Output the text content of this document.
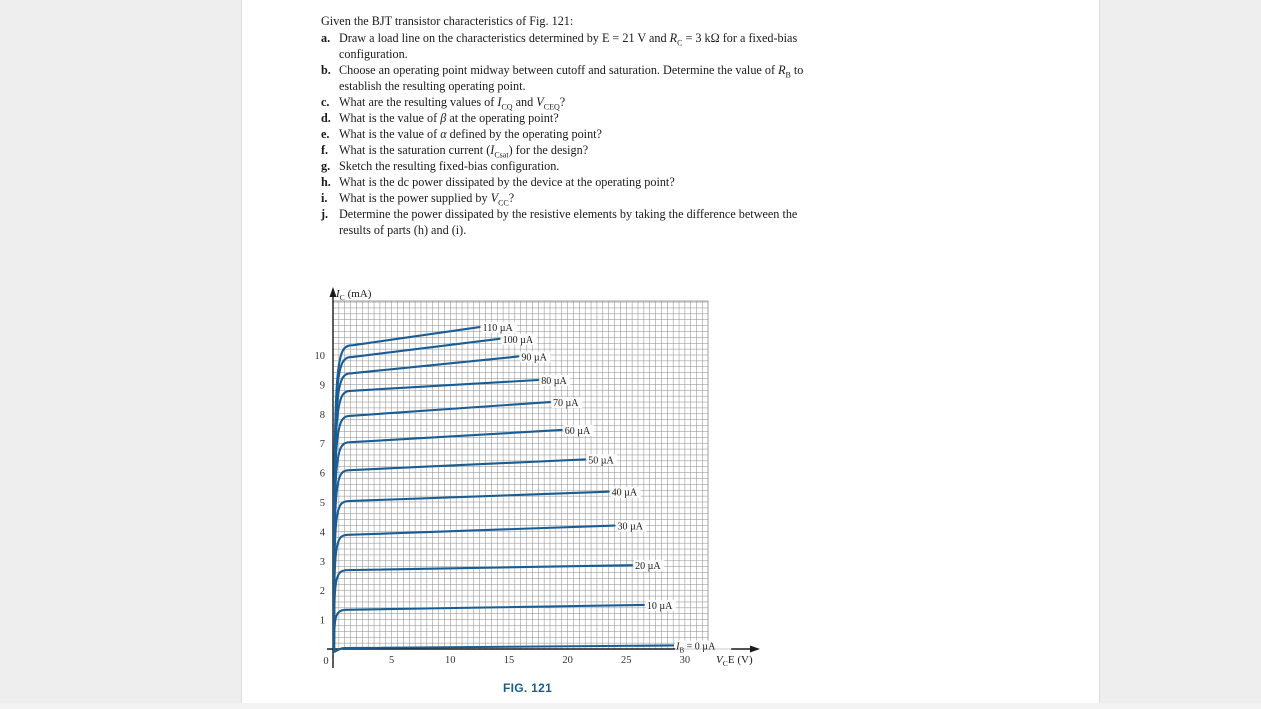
Given the BJT transistor characteristics of Fig. 121:
a. Draw a load line on the characteristics determined by E = 21 V and $R_C = 3$ kΩ for a fixed-bias configuration.
b. Choose an operating point midway between cutoff and saturation. Determine the value of $R_B$ to establish the resulting operating point.
c. What are the resulting values of $I_{CQ}$ and $V_{CEQ}$?
d. What is the value of β at the operating point?
e. What is the value of α defined by the operating point?
f. What is the saturation current $(I_{Csat})$ for the design?
g. Sketch the resulting fixed-bias configuration.
h. What is the dc power dissipated by the device at the operating point?
i. What is the power supplied by $V_{CC}$?
j. Determine the power dissipated by the resistive elements by taking the difference between the results of parts (h) and (i).
1
2
3
4
5
6
7
8
9
10
5	10	15	20	25	30
0
$I_C$ (mA)
$V_CE$ (V)
$I_B = 0$ µA
10 µA
20 µA
30 µA
40 µA
50 µA
60 µA
70 µA
80 µA
90 µA
100 µA
110 µA
FIG. 121
